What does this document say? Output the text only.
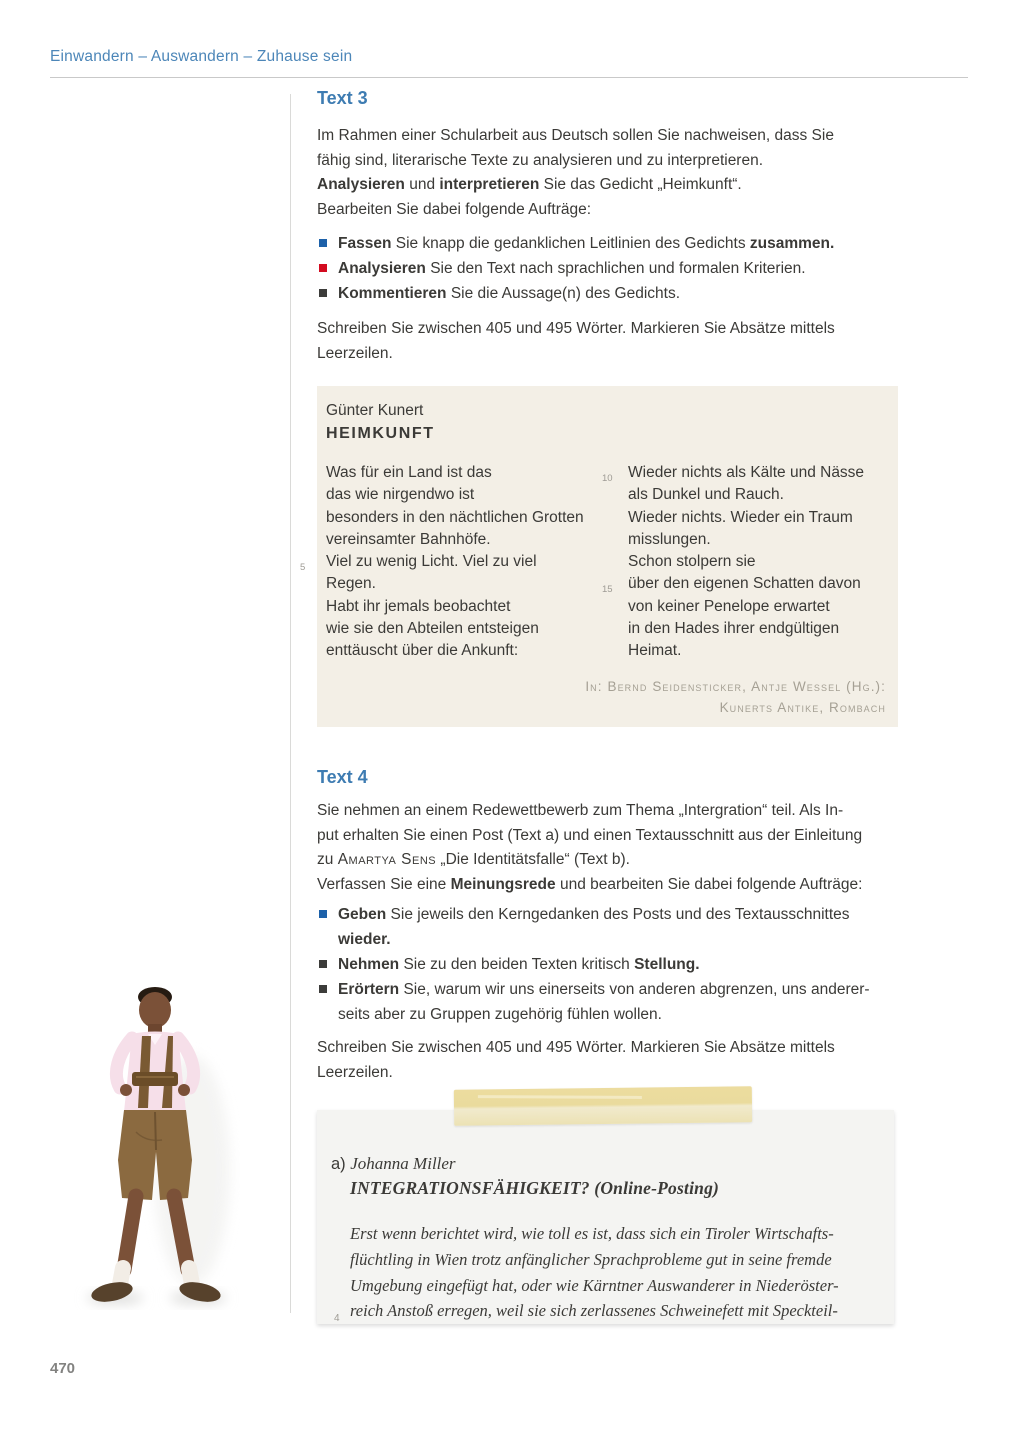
Einwandern – Auswandern – Zuhause sein
Text 3
Im Rahmen einer Schularbeit aus Deutsch sollen Sie nachweisen, dass Sie
fähig sind, literarische Texte zu analysieren und zu interpretieren.
Analysieren und interpretieren Sie das Gedicht „Heimkunft“.
Bearbeiten Sie dabei folgende Aufträge:
Fassen Sie knapp die gedanklichen Leitlinien des Gedichts zusammen.
Analysieren Sie den Text nach sprachlichen und formalen Kriterien.
Kommentieren Sie die Aussage(n) des Gedichts.
Schreiben Sie zwischen 405 und 495 Wörter. Markieren Sie Absätze mittels
Leerzeilen.
Günter Kunert
HEIMKUNFT
Was für ein Land ist das
das wie nirgendwo ist
besonders in den nächtlichen Grotten
vereinsamter Bahnhöfe.
5	Viel zu wenig Licht. Viel zu viel
Regen.
Habt ihr jemals beobachtet
wie sie den Abteilen entsteigen
enttäuscht über die Ankunft:
10 Wieder nichts als Kälte und Nässe
als Dunkel und Rauch.
Wieder nichts. Wieder ein Traum
misslungen.
Schon stolpern sie
15 über den eigenen Schatten davon
von keiner Penelope erwartet
in den Hades ihrer endgültigen
Heimat.
In: Bernd Seidensticker, Antje Wessel (Hg.):
Kunerts Antike, Rombach
Text 4
Sie nehmen an einem Redewettbewerb zum Thema „Intergration“ teil. Als In-
put erhalten Sie einen Post (Text a) und einen Textausschnitt aus der Einleitung
zu Amartya Sens „Die Identitätsfalle“ (Text b).
Verfassen Sie eine Meinungsrede und bearbeiten Sie dabei folgende Aufträge:
Geben Sie jeweils den Kerngedanken des Posts und des Textausschnittes
wieder.
Nehmen Sie zu den beiden Texten kritisch Stellung.
Erörtern Sie, warum wir uns einerseits von anderen abgrenzen, uns anderer-
seits aber zu Gruppen zugehörig fühlen wollen.
Schreiben Sie zwischen 405 und 495 Wörter. Markieren Sie Absätze mittels
Leerzeilen.
a) Johanna Miller
INTEGRATIONSFÄHIGKEIT? (Online-Posting)
Erst wenn berichtet wird, wie toll es ist, dass sich ein Tiroler Wirtschafts-
flüchtling in Wien trotz anfänglicher Sprachprobleme gut in seine fremde
Umgebung eingefügt hat, oder wie Kärntner Auswanderer in Niederöster-
4 reich Anstoß erregen, weil sie sich zerlassenes Schweinefett mit Speckteil-
470
